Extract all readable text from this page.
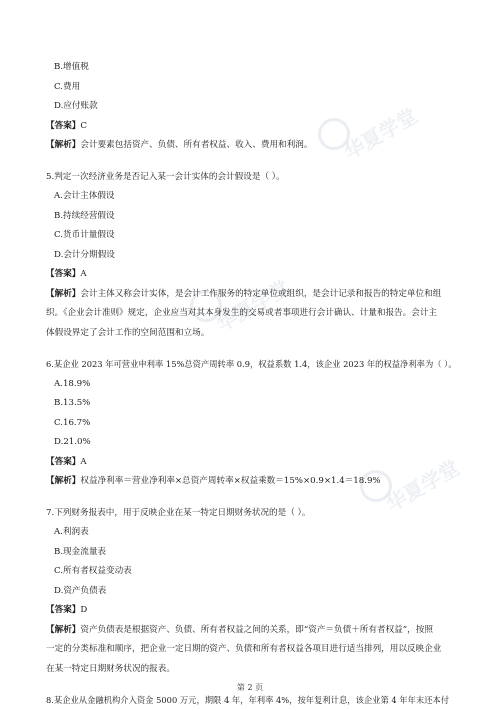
华夏学堂
华夏学堂
华夏学堂
B.增值税
C.费用
D.应付账款
【答案】C
【解析】会计要素包括资产、负债、所有者权益、收入、费用和利润。
5.判定一次经济业务是否记入某一会计实体的会计假设是（ ）。
A.会计主体假设
B.持续经营假设
C.货币计量假设
D.会计分期假设
【答案】A
【解析】会计主体又称会计实体，是会计工作服务的特定单位或组织，是会计记录和报告的特定单位和组
织。《企业会计准则》规定，企业应当对其本身发生的交易或者事项进行会计确认、计量和报告。会计主
体假设界定了会计工作的空间范围和立场。
6.某企业 2023 年可营业申利率 15%总资产周转率 0.9，权益系数 1.4，该企业 2023 年的权益净利率为（ ）。
A.18.9%
B.13.5%
C.16.7%
D.21.0%
【答案】A
【解析】权益净利率＝营业净利率×总资产周转率×权益乘数＝15%×0.9×1.4＝18.9%
7.下列财务报表中，用于反映企业在某一特定日期财务状况的是（ ）。
A.利润表
B.现金流量表
C.所有者权益变动表
D.资产负债表
【答案】D
【解析】资产负债表是根据资产、负债、所有者权益之间的关系，即“资产＝负债＋所有者权益”，按照
一定的分类标准和顺序，把企业一定日期的资产、负债和所有者权益各项目进行适当排列，用以反映企业
在某一特定日期财务状况的报表。
8.某企业从金融机构介入资金 5000 万元，期限 4 年，年利率 4%，按年复利计息，该企业第 4 年年末还本付
第 2 页
